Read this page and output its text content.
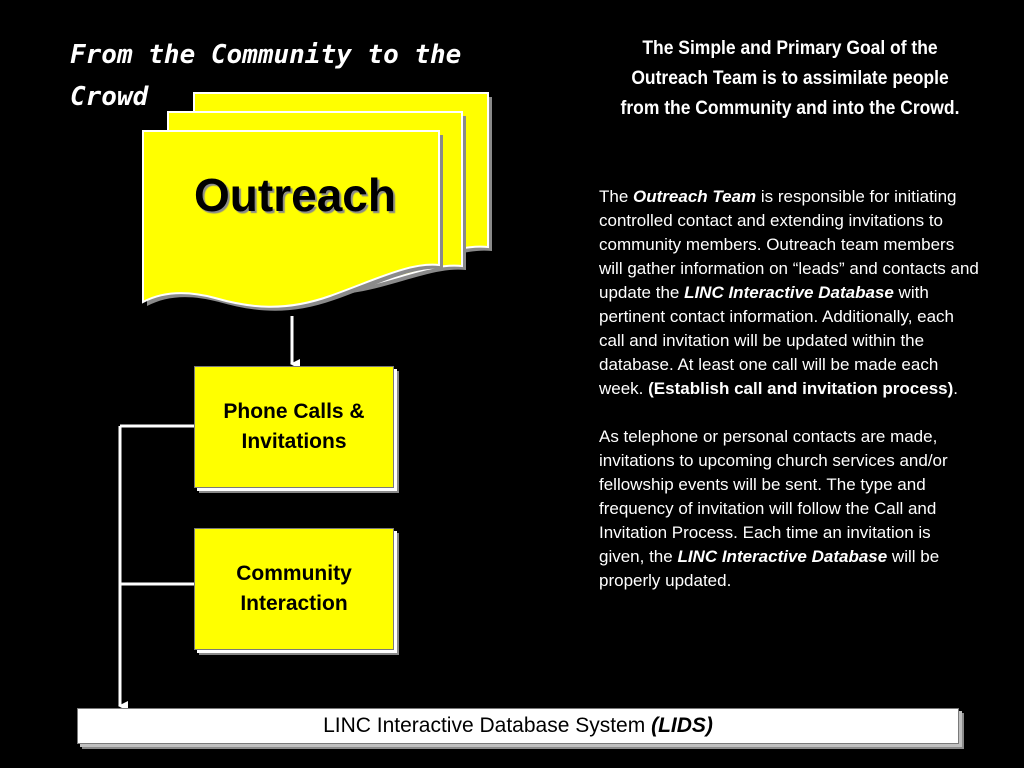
From the Community to the Crowd
Outreach
Phone Calls &
Invitations
Community
Interaction
LINC Interactive Database System (LIDS)

The Simple and Primary Goal of the Outreach Team is to assimilate people from the Community and into the Crowd.

The Outreach Team is responsible for initiating controlled contact and extending invitations to community members. Outreach team members will gather information on “leads” and contacts and update the LINC Interactive Database with pertinent contact information. Additionally, each call and invitation will be updated within the database. At least one call will be made each week. (Establish call and invitation process).

As telephone or personal contacts are made, invitations to upcoming church services and/or fellowship events will be sent. The type and frequency of invitation will follow the Call and Invitation Process. Each time an invitation is given, the LINC Interactive Database will be properly updated.
